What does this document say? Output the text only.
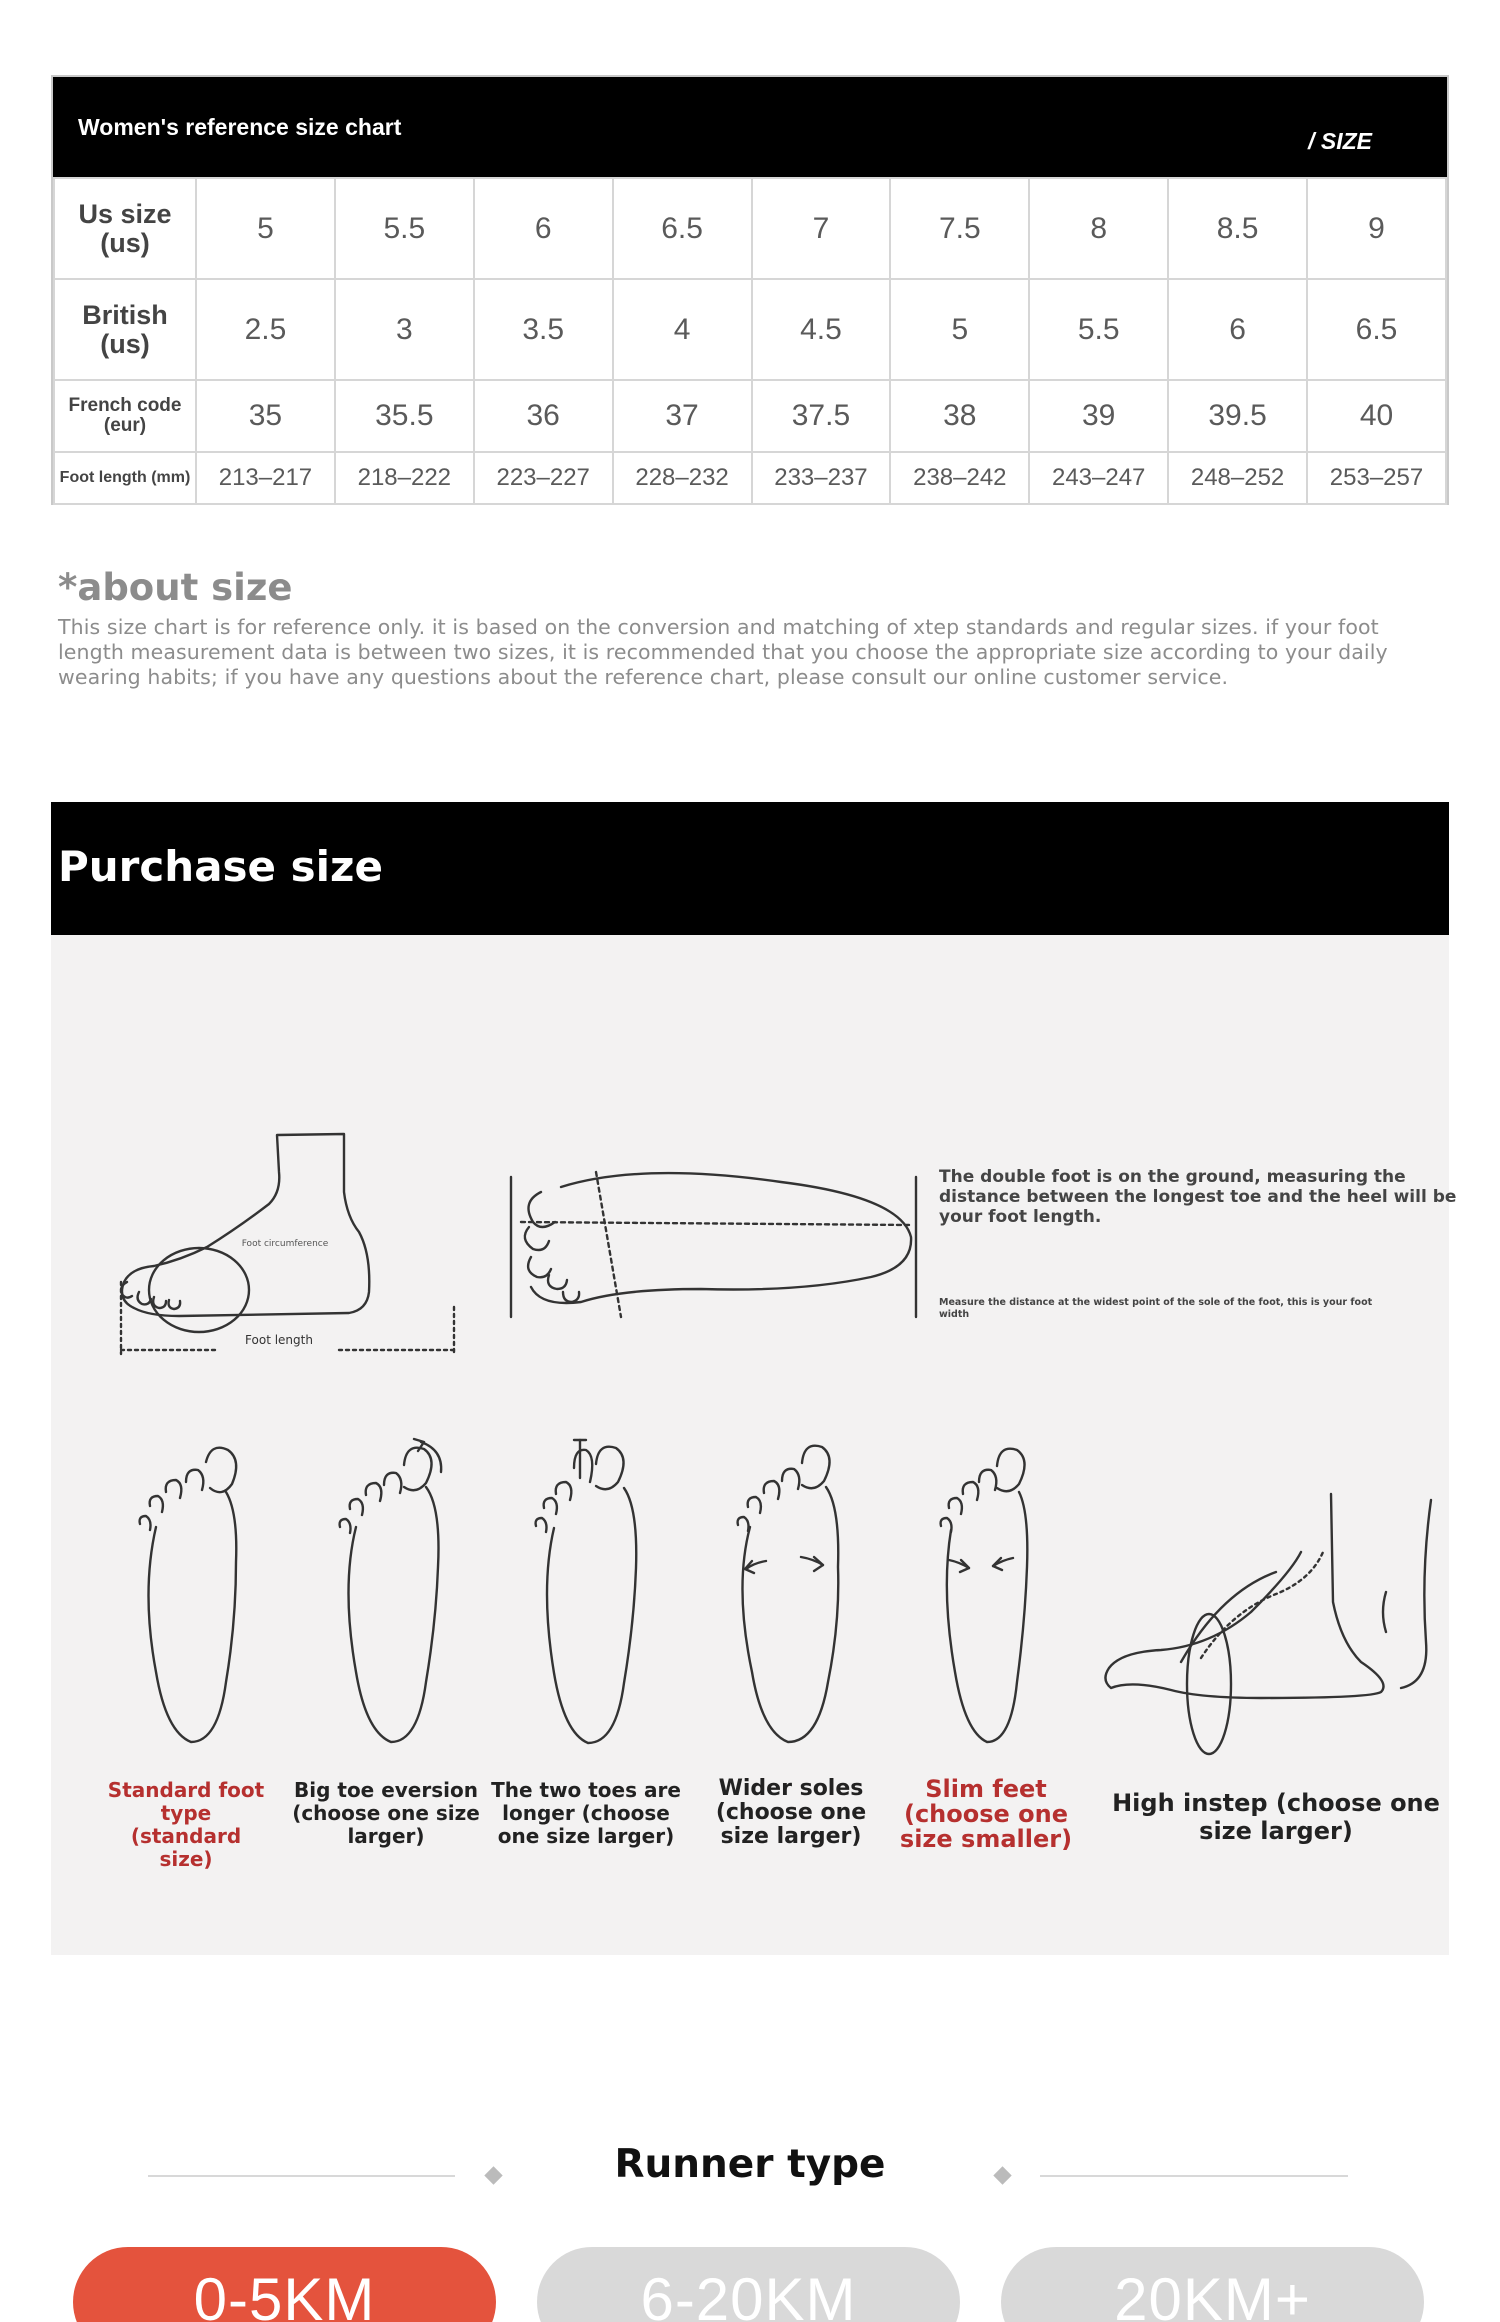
Women's reference size chart
/ SIZE
Us size (us)	5	5.5	6	6.5	7	7.5	8	8.5	9
British (us)	2.5	3	3.5	4	4.5	5	5.5	6	6.5
French code (eur)	35	35.5	36	37	37.5	38	39	39.5	40
Foot length (mm)	213–217	218–222	223–227	228–232	233–237	238–242	243–247	248–252	253–257
*about size
This size chart is for reference only. it is based on the conversion and matching of xtep standards and regular sizes. if your foot length measurement data is between two sizes, it is recommended that you choose the appropriate size according to your daily wearing habits; if you have any questions about the reference chart, please consult our online customer service.
Purchase size
Foot circumference
Foot length
The double foot is on the ground, measuring the distance between the longest toe and the heel will be your foot length.
Measure the distance at the widest point of the sole of the foot, this is your foot width
Standard foot type (standard size)
Big toe eversion (choose one size larger)
The two toes are longer (choose one size larger)
Wider soles (choose one size larger)
Slim feet (choose one size smaller)
High instep (choose one size larger)
Runner type
0-5KM	6-20KM	20KM+
